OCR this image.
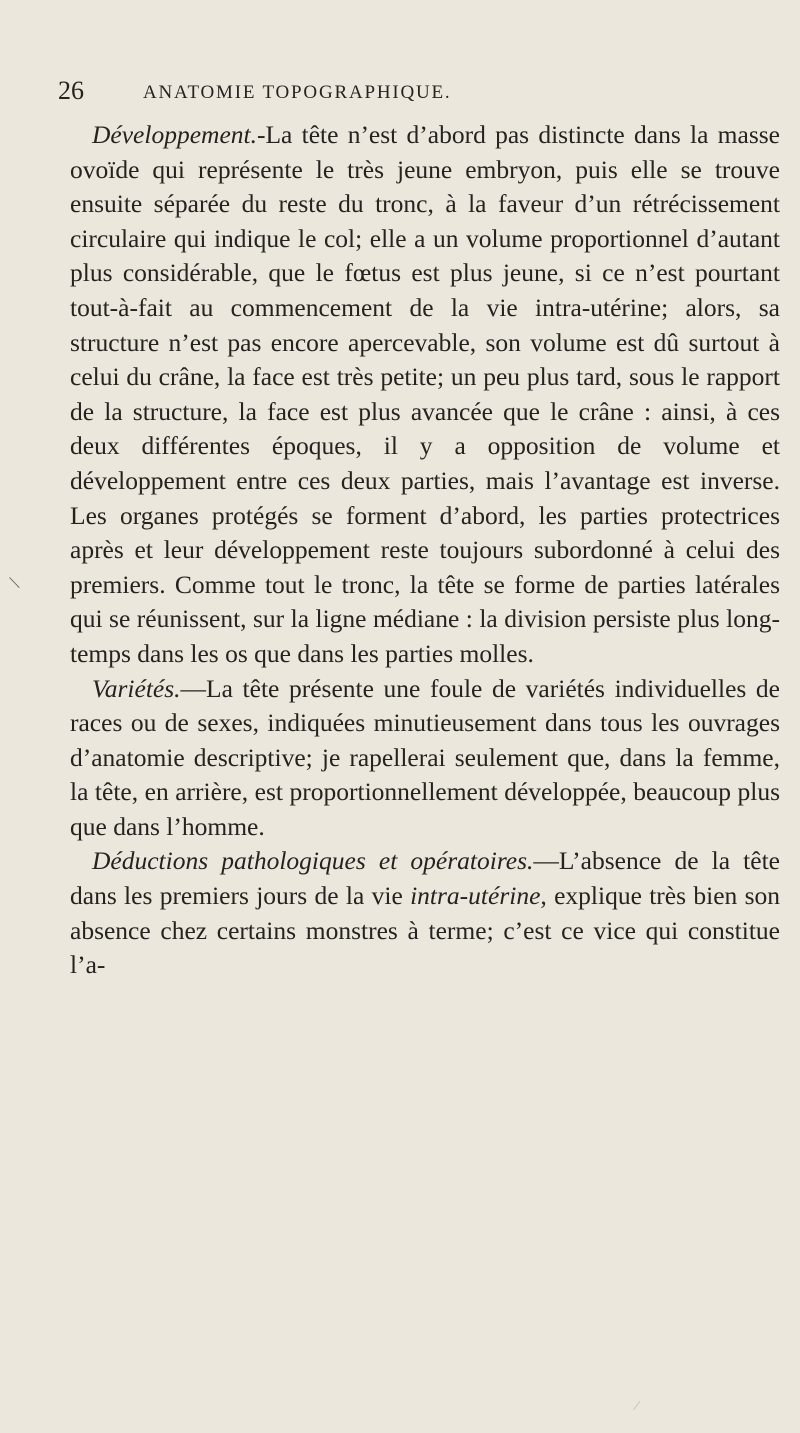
26	ANATOMIE TOPOGRAPHIQUE.
\

Développement.-La tête n’est d’abord pas distincte dans la masse ovoïde qui représente le très jeune embryon, puis elle se trouve ensuite séparée du reste du tronc, à la faveur d’un rétrécissement circulaire qui indique le col; elle a un volume proportionnel d’autant plus considérable, que le fœtus est plus jeune, si ce n’est pourtant tout-à-fait au commencement de la vie intra-utérine; alors, sa structure n’est pas encore apercevable, son volume est dû surtout à celui du crâne, la face est très petite; un peu plus tard, sous le rapport de la structure, la face est plus avancée que le crâne : ainsi, à ces deux différentes époques, il y a opposition de volume et développement entre ces deux parties, mais l’avantage est inverse. Les organes protégés se forment d’abord, les parties protectrices après et leur développement reste toujours subordonné à celui des premiers. Comme tout le tronc, la tête se forme de parties latérales qui se réunissent, sur la ligne médiane : la division persiste plus long-temps dans les os que dans les parties molles.

Variétés.—La tête présente une foule de variétés individuelles de races ou de sexes, indiquées minutieusement dans tous les ouvrages d’anatomie descriptive; je rapellerai seulement que, dans la femme, la tête, en arrière, est proportionnellement développée, beaucoup plus que dans l’homme.

Déductions pathologiques et opératoires.—L’absence de la tête dans les premiers jours de la vie intra-utérine, explique très bien son absence chez certains monstres à terme; c’est ce vice qui constitue l’a-

⁄
